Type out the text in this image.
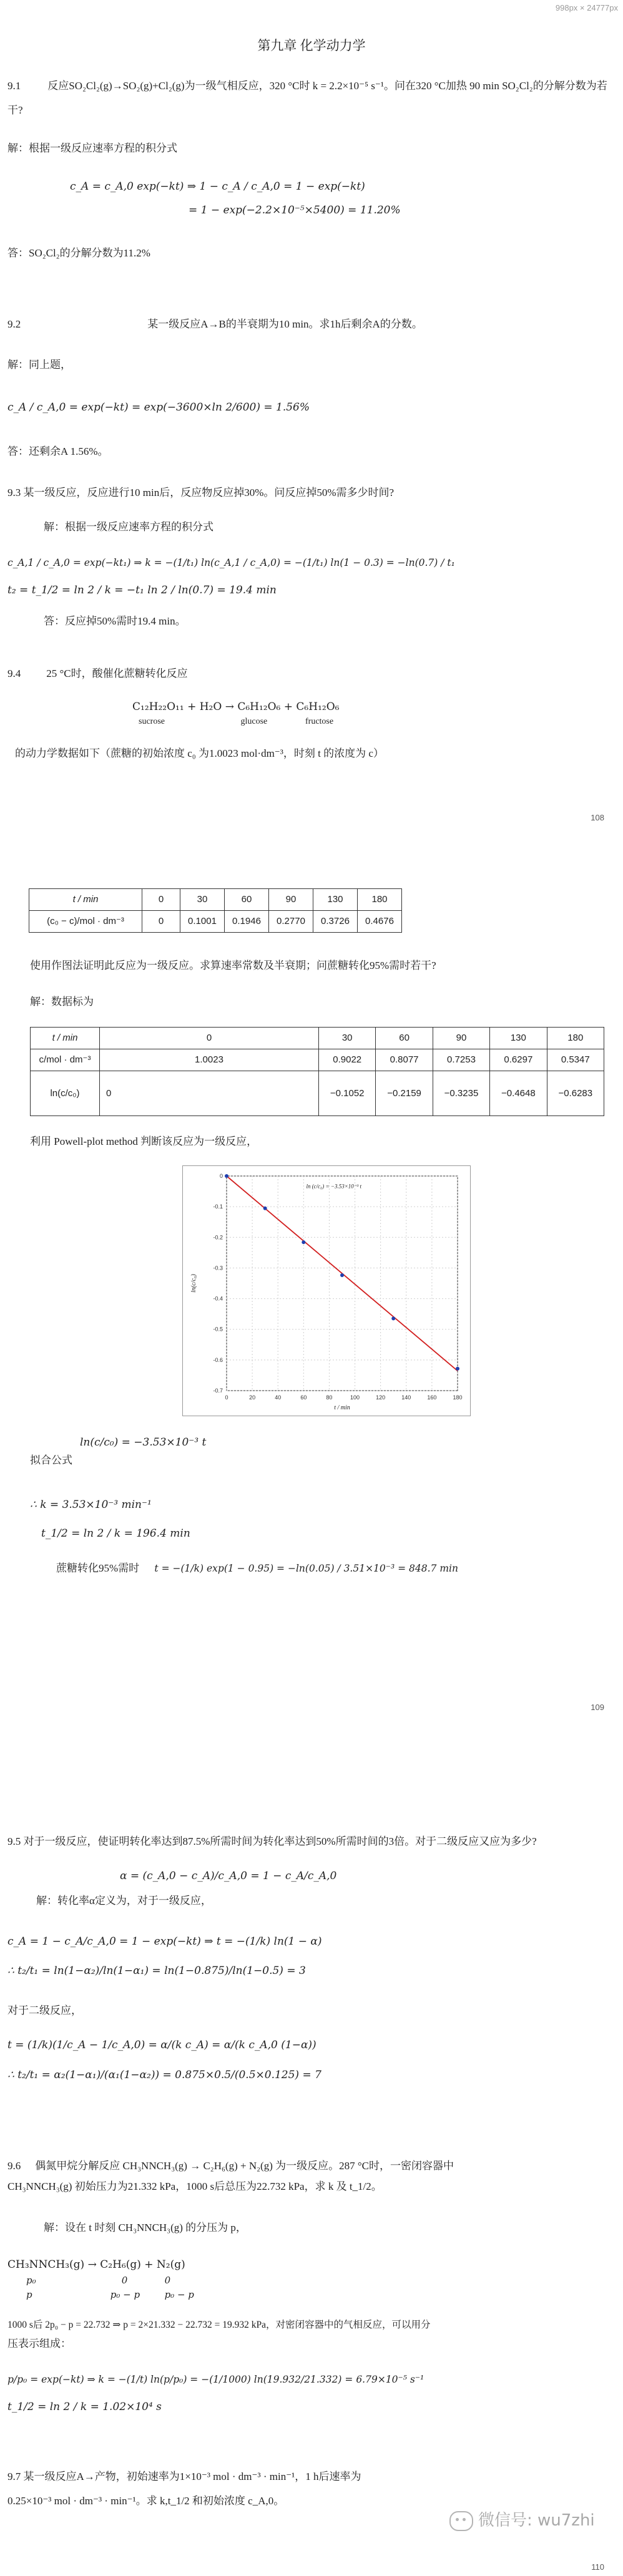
998px × 24777px
第九章 化学动力学
9.1	反应SO₂Cl₂(g)→SO₂(g)+Cl₂(g)为一级气相反应，320 °C时 k = 2.2×10⁻⁵ s⁻¹。问在320 °C加热 90 min SO₂Cl₂的分解分数为若干?
解：根据一级反应速率方程的积分式
c_A = c_A,0 exp(−kt) ⇒ 1 − c_A / c_A,0 = 1 − exp(−kt)
= 1 − exp(−2.2×10⁻⁵×5400) = 11.20%
答：SO₂Cl₂的分解分数为11.2%
9.2	某一级反应A→B的半衰期为10 min。求1h后剩余A的分数。
解：同上题，
c_A / c_A,0 = exp(−kt) = exp(−3600×ln 2/600) = 1.56%
答：还剩余A 1.56%。
9.3 某一级反应，反应进行10 min后，反应物反应掉30%。问反应掉50%需多少时间?
解：根据一级反应速率方程的积分式
c_A,1 / c_A,0 = exp(−kt₁) ⇒ k = −(1/t₁) ln(c_A,1 / c_A,0) = −(1/t₁) ln(1 − 0.3) = −ln(0.7) / t₁
t₂ = t_1/2 = ln 2 / k = −t₁ ln 2 / ln(0.7) = 19.4 min
答：反应掉50%需时19.4 min。
9.4 25 °C时，酸催化蔗糖转化反应
C₁₂H₂₂O₁₁ + H₂O → C₆H₁₂O₆ + C₆H₁₂O₆
sucrose	glucose	fructose
的动力学数据如下（蔗糖的初始浓度 c₀ 为1.0023 mol·dm⁻³，时刻 t 的浓度为 c）
108
t / min	0	30	60	90	130	180
(c₀ − c)/mol · dm⁻³	0	0.1001	0.1946	0.2770	0.3726	0.4676
使用作图法证明此反应为一级反应。求算速率常数及半衰期；问蔗糖转化95%需时若干?
解：数据标为
t / min	0	30	60	90	130	180
c/mol · dm⁻³	1.0023	0.9022	0.8077	0.7253	0.6297	0.5347
ln(c/c₀)	0	−0.1052	−0.2159	−0.3235	−0.4648	−0.6283
利用 Powell-plot method 判断该反应为一级反应，
0	20	40	60	80	100	120	140	160	180
0
-0.1
-0.2
-0.3
-0.4
-0.5
-0.6
-0.7
ln (c/c₀) = −3.53×10⁻³ t
t / min
ln(c/c₀)
ln(c/c₀) = −3.53×10⁻³ t
拟合公式
∴ k = 3.53×10⁻³ min⁻¹
t_1/2 = ln 2 / k = 196.4 min
蔗糖转化95%需时 t = −(1/k) exp(1 − 0.95) = −ln(0.05) / 3.51×10⁻³ = 848.7 min
109
9.5 对于一级反应，使证明转化率达到87.5%所需时间为转化率达到50%所需时间的3倍。对于二级反应又应为多少?
α = (c_A,0 − c_A)/c_A,0 = 1 − c_A/c_A,0
解：转化率α定义为，对于一级反应，
c_A = 1 − c_A/c_A,0 = 1 − exp(−kt) ⇒ t = −(1/k) ln(1 − α)
∴ t₂/t₁ = ln(1−α₂)/ln(1−α₁) = ln(1−0.875)/ln(1−0.5) = 3
对于二级反应，
t = (1/k)(1/c_A − 1/c_A,0) = α/(k c_A) = α/(k c_A,0 (1−α))
∴ t₂/t₁ = α₂(1−α₁)/(α₁(1−α₂)) = 0.875×0.5/(0.5×0.125) = 7
9.6 偶氮甲烷分解反应 CH₃NNCH₃(g) → C₂H₆(g) + N₂(g) 为一级反应。287 °C时，一密闭容器中
CH₃NNCH₃(g) 初始压力为21.332 kPa，1000 s后总压为22.732 kPa，求 k 及 t_1/2。
解：设在 t 时刻 CH₃NNCH₃(g) 的分压为 p，
CH₃NNCH₃(g) → C₂H₆(g) + N₂(g)
p₀	0	0
p	p₀ − p	p₀ − p
1000 s后 2p₀ − p = 22.732 ⇒ p = 2×21.332 − 22.732 = 19.932 kPa，对密闭容器中的气相反应，可以用分
压表示组成：
p/p₀ = exp(−kt) ⇒ k = −(1/t) ln(p/p₀) = −(1/1000) ln(19.932/21.332) = 6.79×10⁻⁵ s⁻¹
t_1/2 = ln 2 / k = 1.02×10⁴ s
9.7 某一级反应A→产物，初始速率为1×10⁻³ mol · dm⁻³ · min⁻¹，1 h后速率为
0.25×10⁻³ mol · dm⁻³ · min⁻¹。求 k,t_1/2 和初始浓度 c_A,0。
微信号: wu7zhi
110
